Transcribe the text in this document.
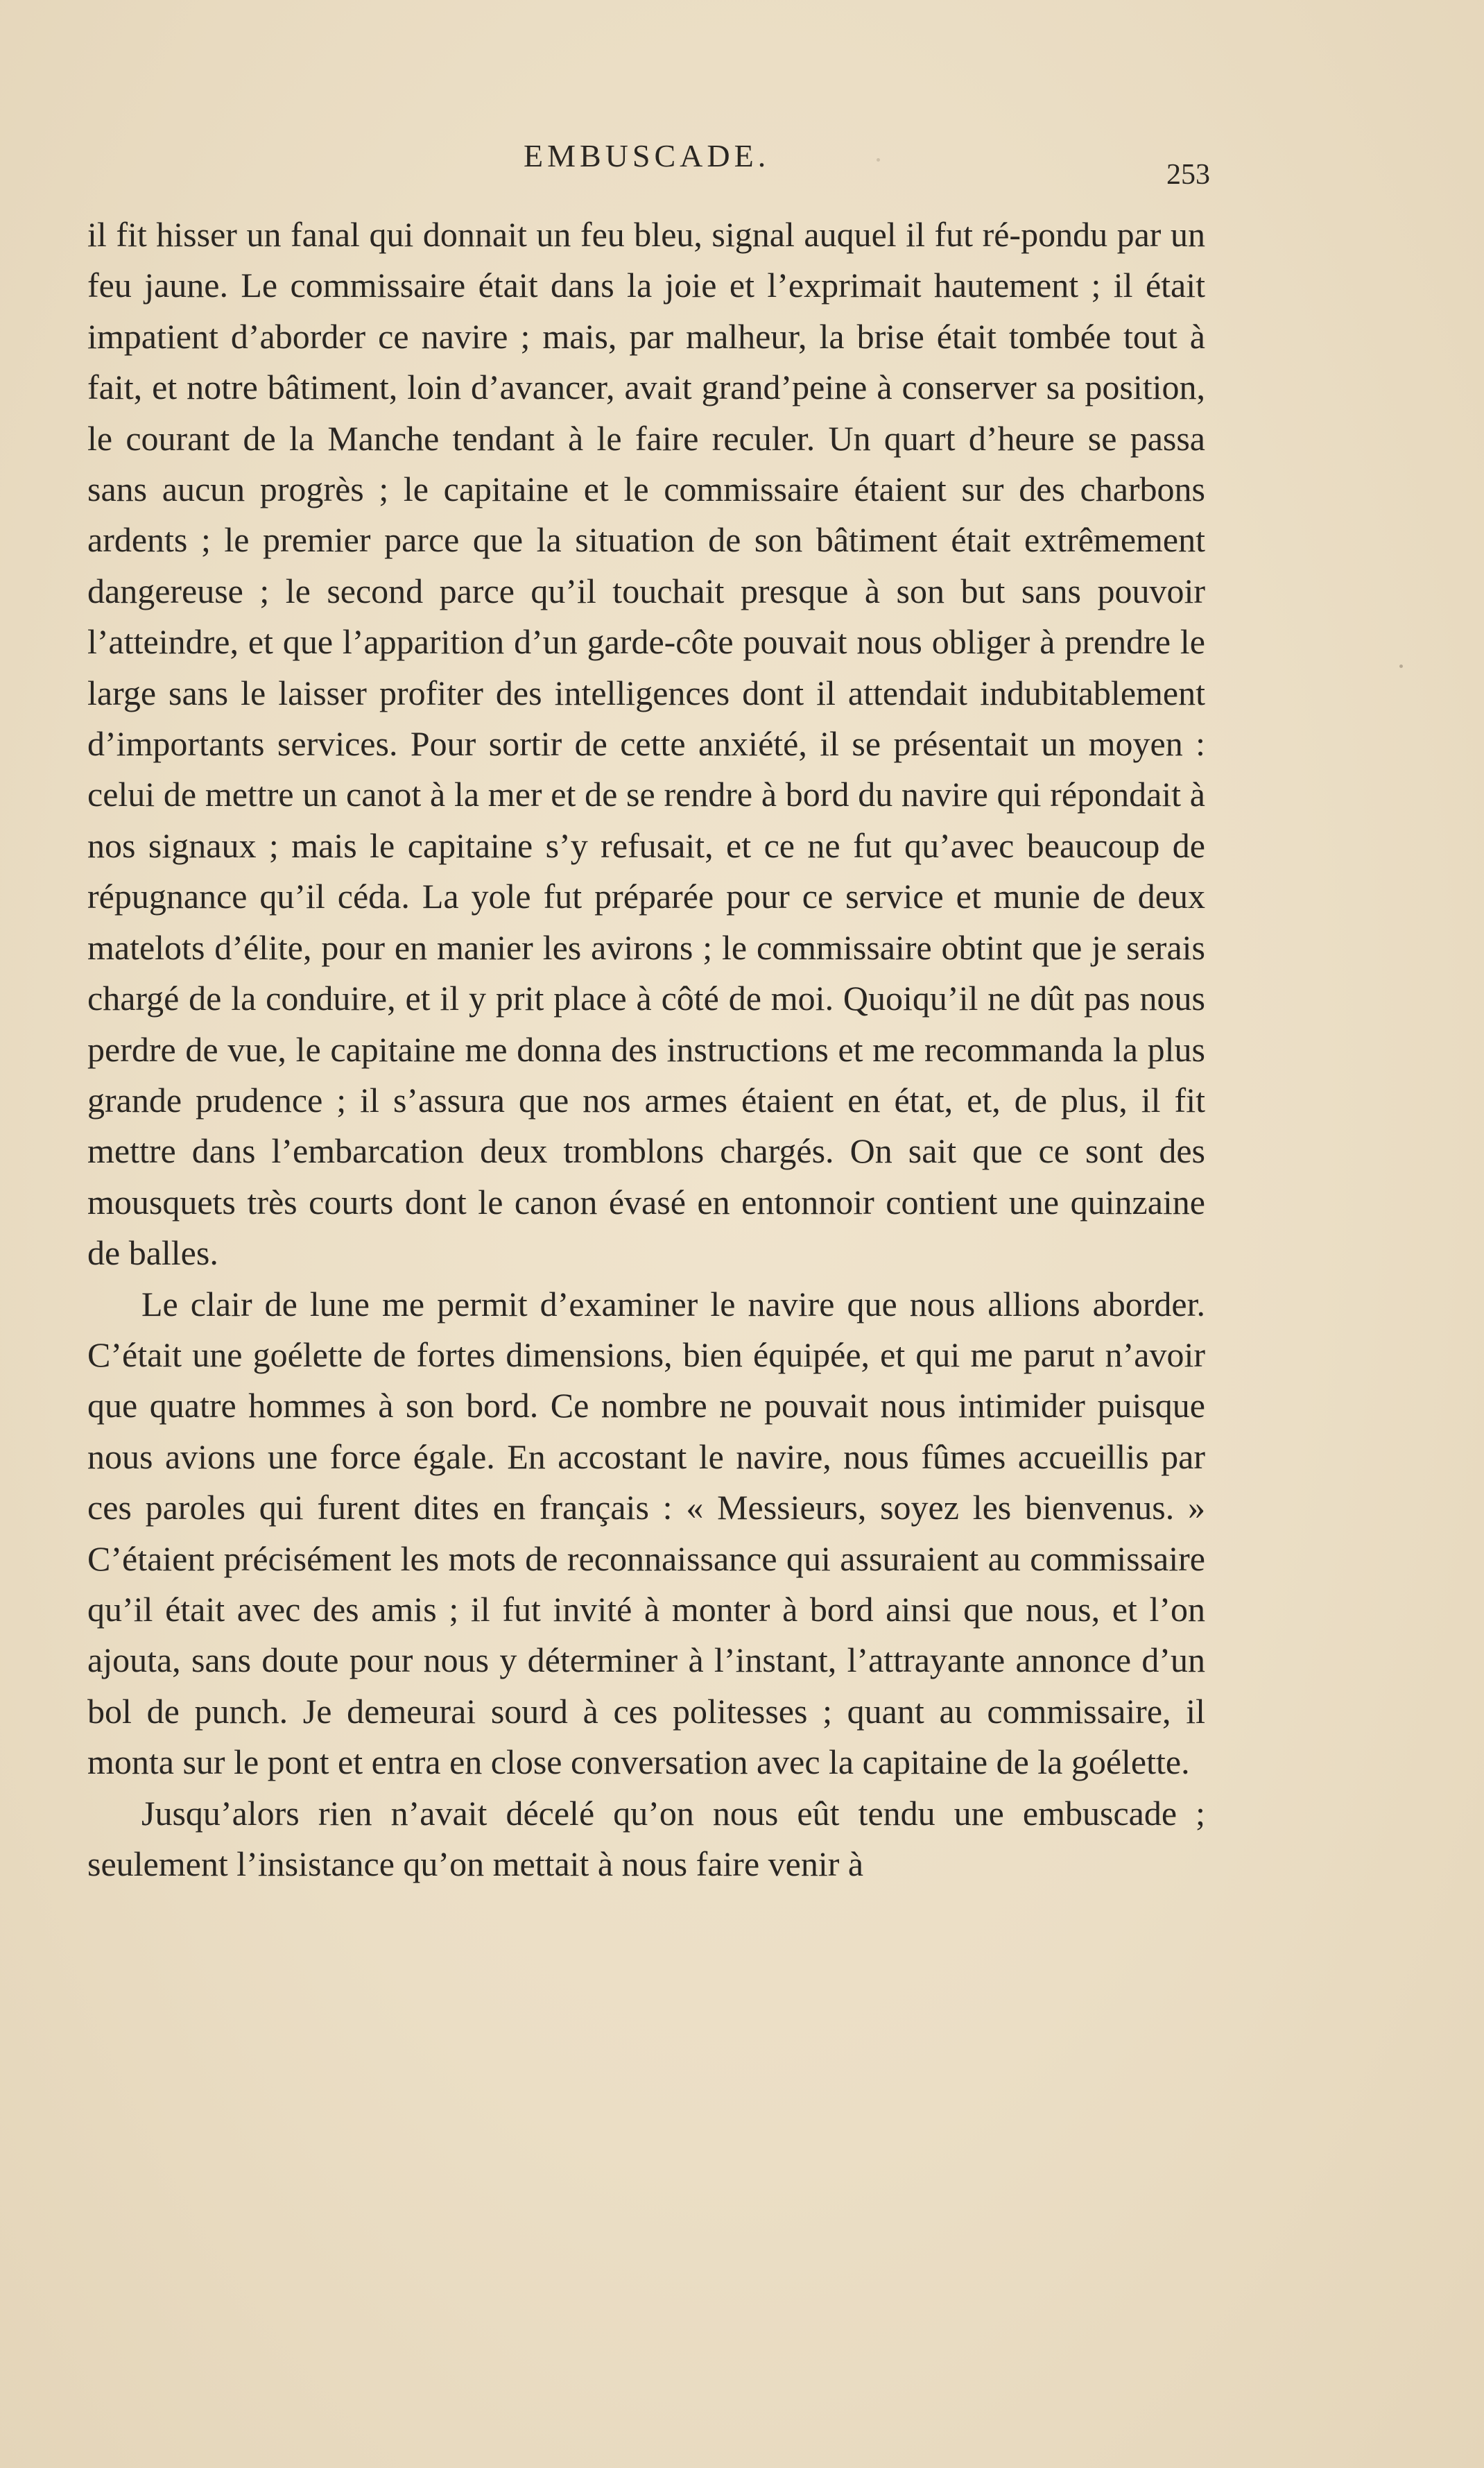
EMBUSCADE.
253

il fit hisser un fanal qui donnait un feu bleu, signal auquel il fut ré-pondu par un feu jaune. Le commissaire était dans la joie et l’exprimait hautement ; il était impatient d’aborder ce navire ; mais, par malheur, la brise était tombée tout à fait, et notre bâtiment, loin d’avancer, avait grand’peine à conserver sa position, le courant de la Manche tendant à le faire reculer. Un quart d’heure se passa sans aucun progrès ; le capitaine et le commissaire étaient sur des charbons ardents ; le premier parce que la situation de son bâtiment était extrêmement dangereuse ; le second parce qu’il touchait presque à son but sans pouvoir l’atteindre, et que l’apparition d’un garde-côte pouvait nous obliger à prendre le large sans le laisser profiter des intelligences dont il attendait indubitablement d’importants services. Pour sortir de cette anxiété, il se présentait un moyen : celui de mettre un canot à la mer et de se rendre à bord du navire qui répondait à nos signaux ; mais le capitaine s’y refusait, et ce ne fut qu’avec beaucoup de répugnance qu’il céda. La yole fut préparée pour ce service et munie de deux matelots d’élite, pour en manier les avirons ; le commissaire obtint que je serais chargé de la conduire, et il y prit place à côté de moi. Quoiqu’il ne dût pas nous perdre de vue, le capitaine me donna des instructions et me recommanda la plus grande prudence ; il s’assura que nos armes étaient en état, et, de plus, il fit mettre dans l’embarcation deux tromblons chargés. On sait que ce sont des mousquets très courts dont le canon évasé en entonnoir contient une quinzaine de balles.

Le clair de lune me permit d’examiner le navire que nous allions aborder. C’était une goélette de fortes dimensions, bien équipée, et qui me parut n’avoir que quatre hommes à son bord. Ce nombre ne pouvait nous intimider puisque nous avions une force égale. En accostant le navire, nous fûmes accueillis par ces paroles qui furent dites en français : « Messieurs, soyez les bienvenus. » C’étaient précisément les mots de reconnaissance qui assuraient au commissaire qu’il était avec des amis ; il fut invité à monter à bord ainsi que nous, et l’on ajouta, sans doute pour nous y déterminer à l’instant, l’attrayante annonce d’un bol de punch. Je demeurai sourd à ces politesses ; quant au commissaire, il monta sur le pont et entra en close conversation avec la capitaine de la goélette.

Jusqu’alors rien n’avait décelé qu’on nous eût tendu une embuscade ; seulement l’insistance qu’on mettait à nous faire venir à
